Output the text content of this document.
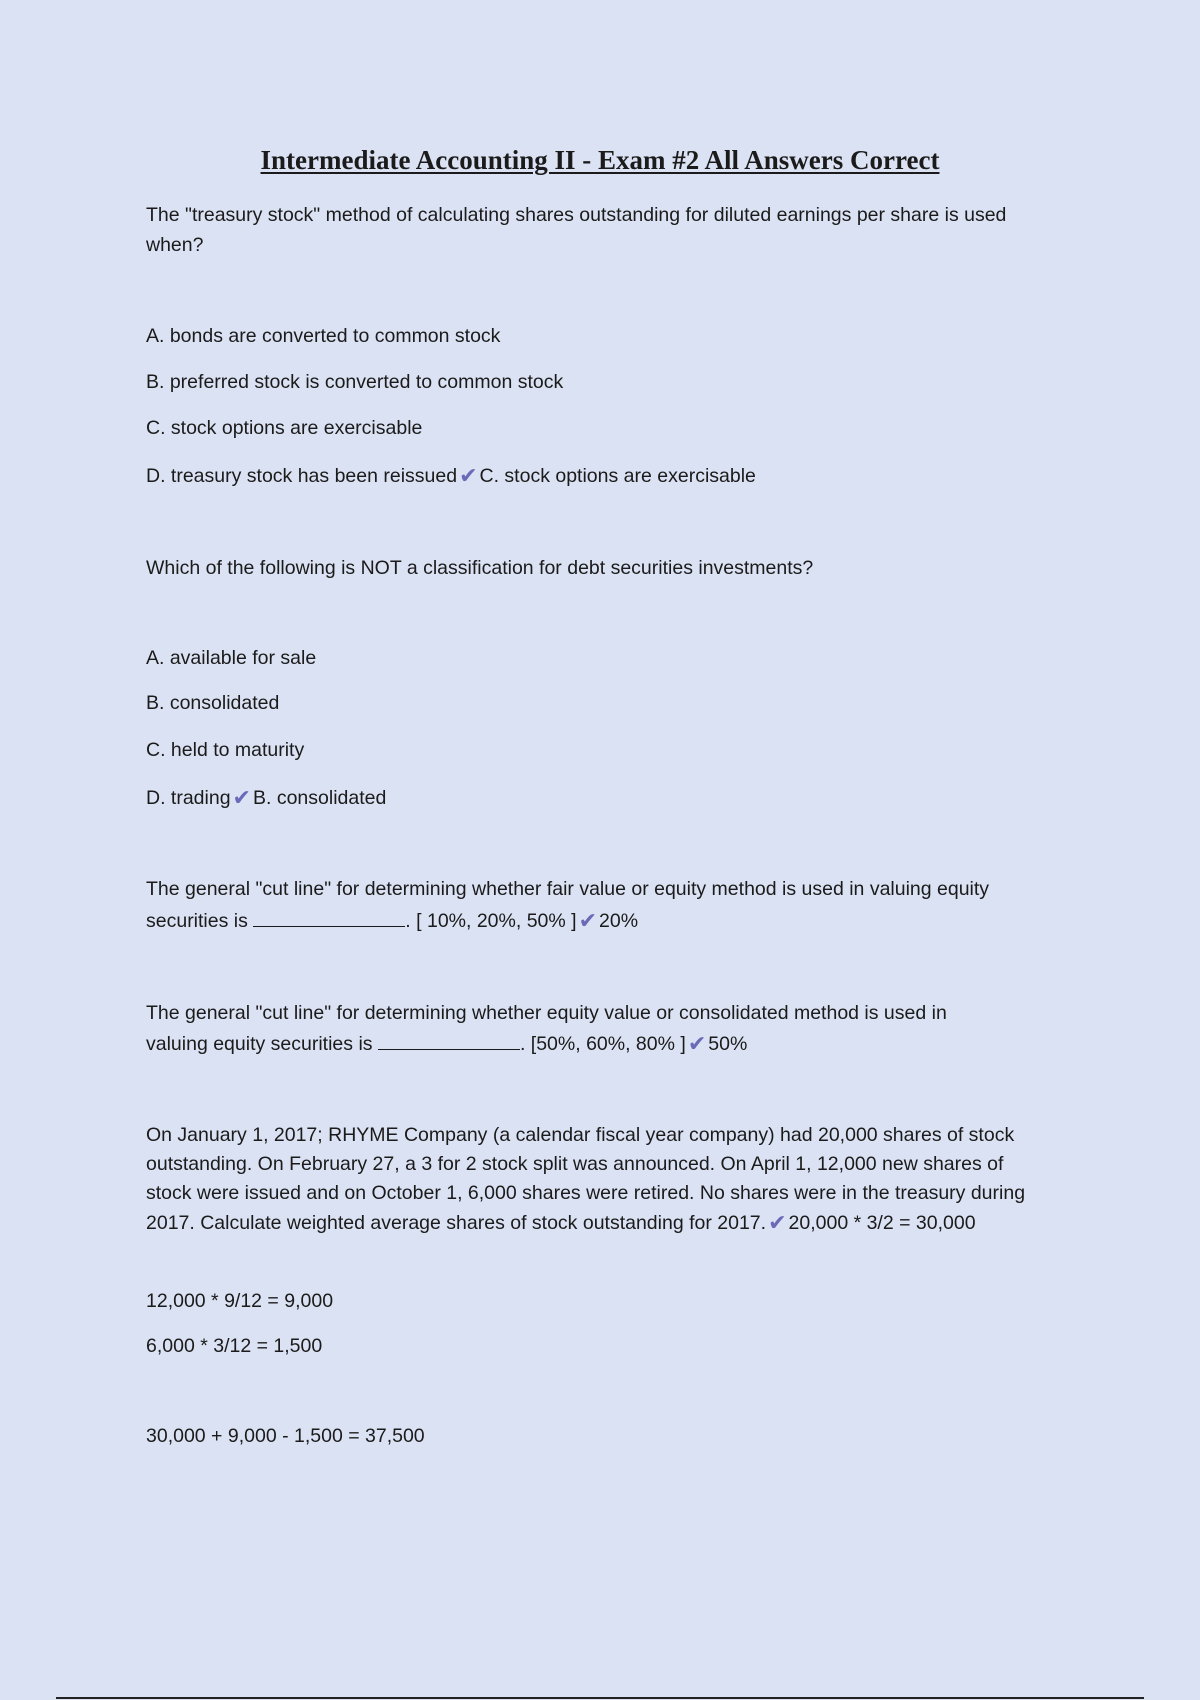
Intermediate Accounting II - Exam #2 All Answers Correct

The "treasury stock" method of calculating shares outstanding for diluted earnings per share is used when?

A. bonds are converted to common stock

B. preferred stock is converted to common stock

C. stock options are exercisable

D. treasury stock has been reissued✔ C. stock options are exercisable

Which of the following is NOT a classification for debt securities investments?

A. available for sale

B. consolidated

C. held to maturity

D. trading✔ B. consolidated

The general "cut line" for determining whether fair value or equity method is used in valuing equity

securities is	. [ 10%, 20%, 50% ]✔ 20%

The general "cut line" for determining whether equity value or consolidated method is used in

valuing equity securities is	. [50%, 60%, 80% ]✔ 50%

On January 1, 2017; RHYME Company (a calendar fiscal year company) had 20,000 shares of stock outstanding. On February 27, a 3 for 2 stock split was announced. On April 1, 12,000 new shares of stock were issued and on October 1, 6,000 shares were retired. No shares were in the treasury during 2017. Calculate weighted average shares of stock outstanding for 2017.✔ 20,000 * 3/2 = 30,000

12,000 * 9/12 = 9,000

6,000 * 3/12 = 1,500

30,000 + 9,000 - 1,500 = 37,500
